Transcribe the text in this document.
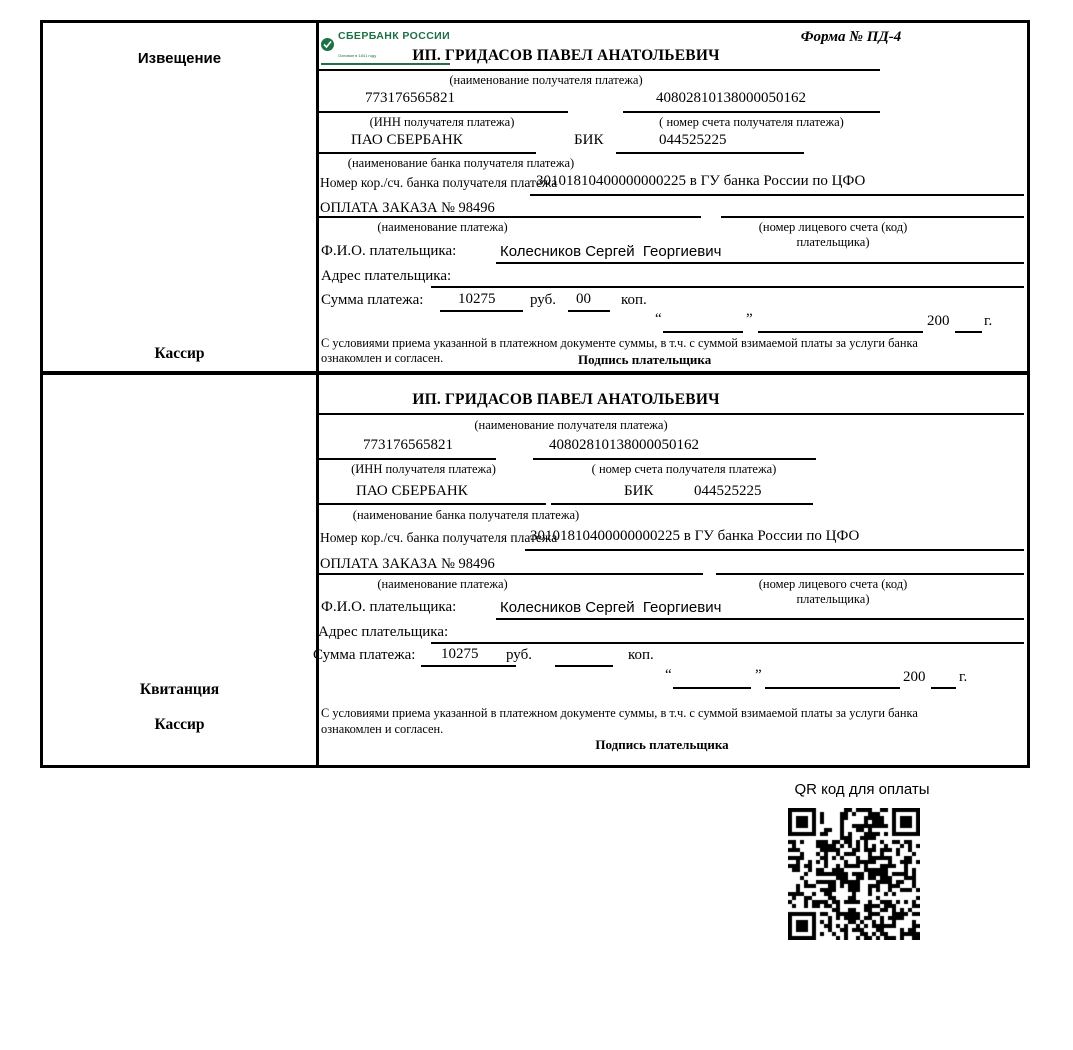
Извещение
Кассир
СБЕРБАНК РОССИИ
Основан в 1841 году
Форма № ПД-4
ИП. ГРИДАСОВ ПАВЕЛ АНАТОЛЬЕВИЧ
(наименование получателя платежа)
773176565821	40802810138000050162
(ИНН получателя платежа)	( номер счета получателя платежа)
ПАО СБЕРБАНК	БИК	044525225
(наименование банка получателя платежа)
Номер кор./сч. банка получателя платежа
30101810400000000225 в ГУ банка России по ЦФО
ОПЛАТА ЗАКАЗА № 98496
(наименование платежа)	(номер лицевого счета (код) плательщика)
Ф.И.О. плательщика:	Колесников Сергей  Георгиевич
Адрес плательщика:
Сумма платежа: 10275 руб. 00 коп.
“	”	200 г.
С условиями приема указанной в платежном документе суммы, в т.ч. с суммой взимаемой платы за услуги банка
ознакомлен и согласен.	Подпись плательщика
Квитанция
Кассир
ИП. ГРИДАСОВ ПАВЕЛ АНАТОЛЬЕВИЧ
(наименование получателя платежа)
773176565821	40802810138000050162
(ИНН получателя платежа)	( номер счета получателя платежа)
ПАО СБЕРБАНК	БИК	044525225
(наименование банка получателя платежа)
Номер кор./сч. банка получателя платежа
30101810400000000225 в ГУ банка России по ЦФО
ОПЛАТА ЗАКАЗА № 98496
(наименование платежа)	(номер лицевого счета (код) плательщика)
Ф.И.О. плательщика:	Колесников Сергей  Георгиевич
Адрес плательщика:
Сумма платежа: 10275 руб.	коп.
“	”	200 г.
С условиями приема указанной в платежном документе суммы, в т.ч. с суммой взимаемой платы за услуги банка
ознакомлен и согласен.
Подпись плательщика
QR код для оплаты
